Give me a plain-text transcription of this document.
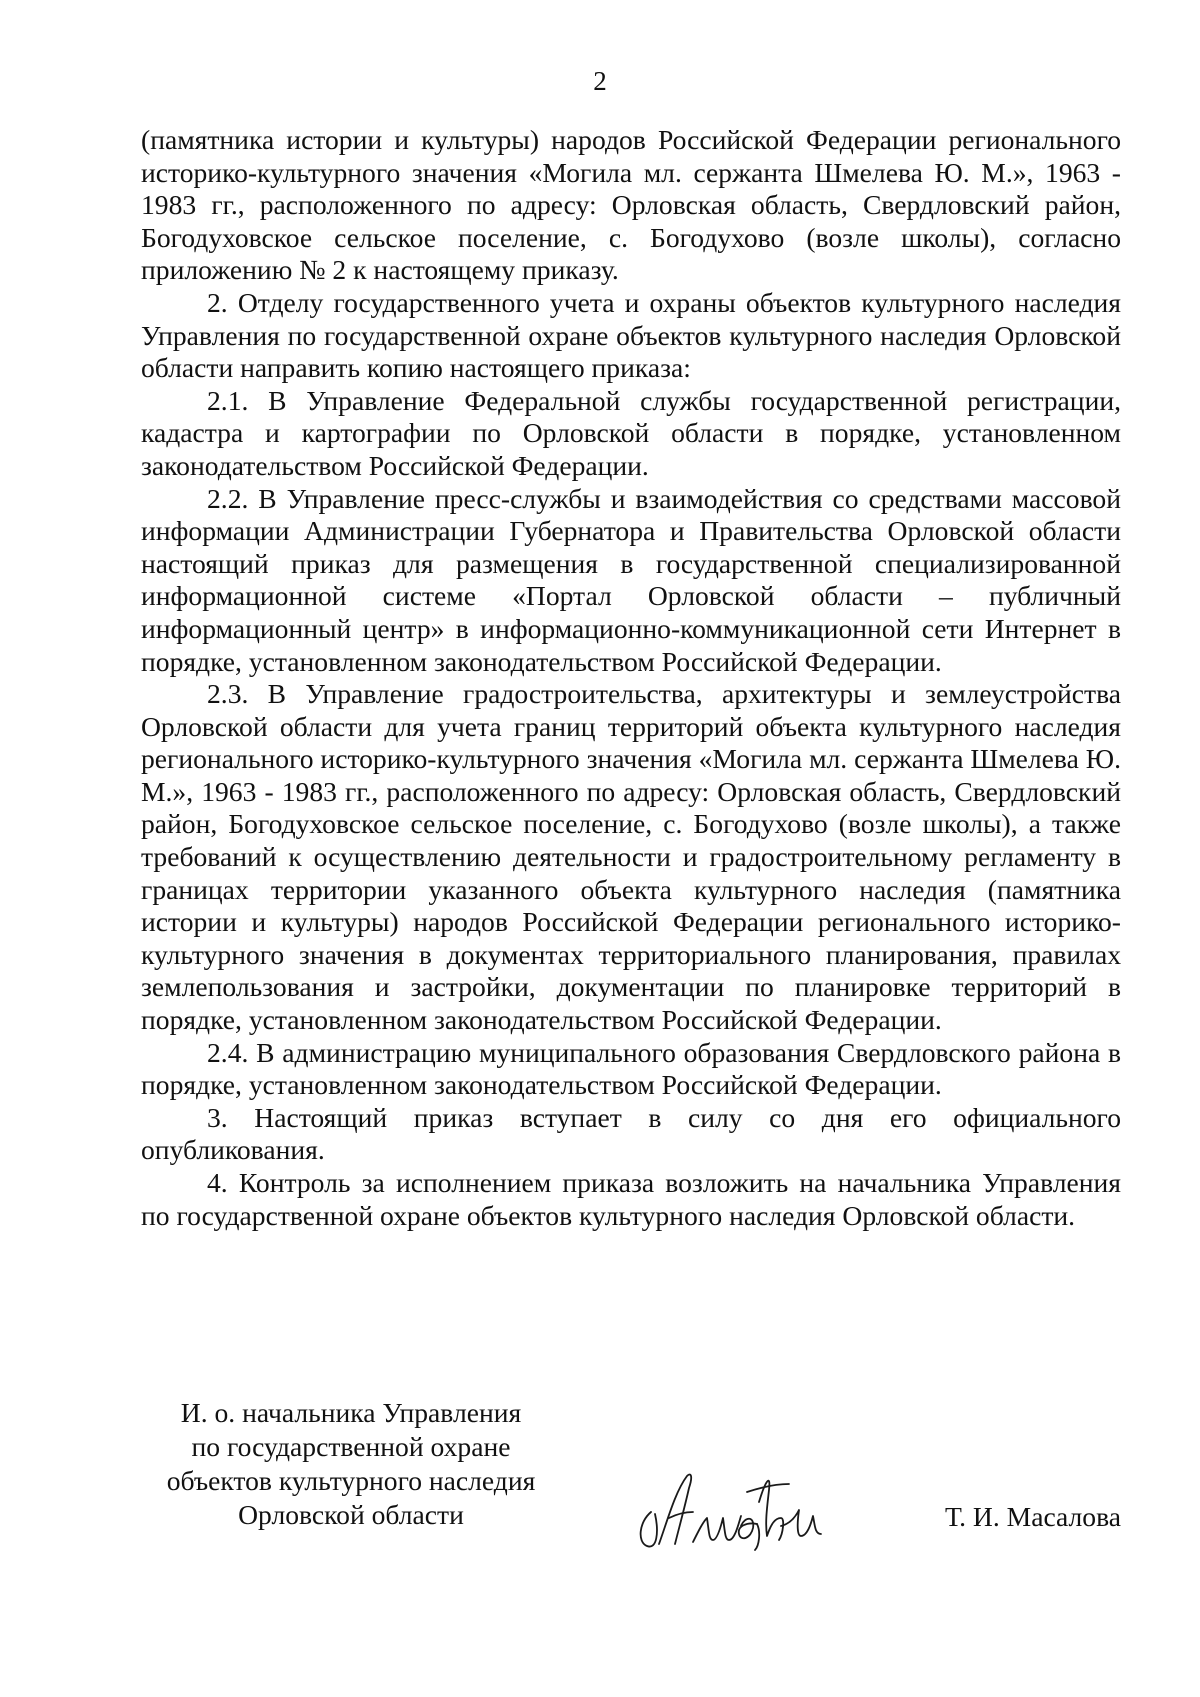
2

(памятника истории и культуры) народов Российской Федерации регионального историко-культурного значения «Могила мл. сержанта Шмелева Ю. М.», 1963 - 1983 гг., расположенного по адресу: Орловская область, Свердловский район, Богодуховское сельское поселение, с. Богодухово (возле школы), согласно приложению № 2 к настоящему приказу.

2. Отделу государственного учета и охраны объектов культурного наследия Управления по государственной охране объектов культурного наследия Орловской области направить копию настоящего приказа:

2.1. В Управление Федеральной службы государственной регистрации, кадастра и картографии по Орловской области в порядке, установленном законодательством Российской Федерации.

2.2. В Управление пресс-службы и взаимодействия со средствами массовой информации Администрации Губернатора и Правительства Орловской области настоящий приказ для размещения в государственной специализированной информационной системе «Портал Орловской области – публичный информационный центр» в информационно-коммуникационной сети Интернет в порядке, установленном законодательством Российской Федерации.

2.3. В Управление градостроительства, архитектуры и землеустройства Орловской области для учета границ территорий объекта культурного наследия регионального историко-культурного значения «Могила мл. сержанта Шмелева Ю. М.», 1963 - 1983 гг., расположенного по адресу: Орловская область, Свердловский район, Богодуховское сельское поселение, с. Богодухово (возле школы), а также требований к осуществлению деятельности и градостроительному регламенту в границах территории указанного объекта культурного наследия (памятника истории и культуры) народов Российской Федерации регионального историко-культурного значения в документах территориального планирования, правилах землепользования и застройки, документации по планировке территорий в порядке, установленном законодательством Российской Федерации.

2.4. В администрацию муниципального образования Свердловского района в порядке, установленном законодательством Российской Федерации.

3. Настоящий приказ вступает в силу со дня его официального опубликования.

4. Контроль за исполнением приказа возложить на начальника Управления по государственной охране объектов культурного наследия Орловской области.

И. о. начальника Управления
по государственной охране
объектов культурного наследия
Орловской области	Т. И. Масалова
